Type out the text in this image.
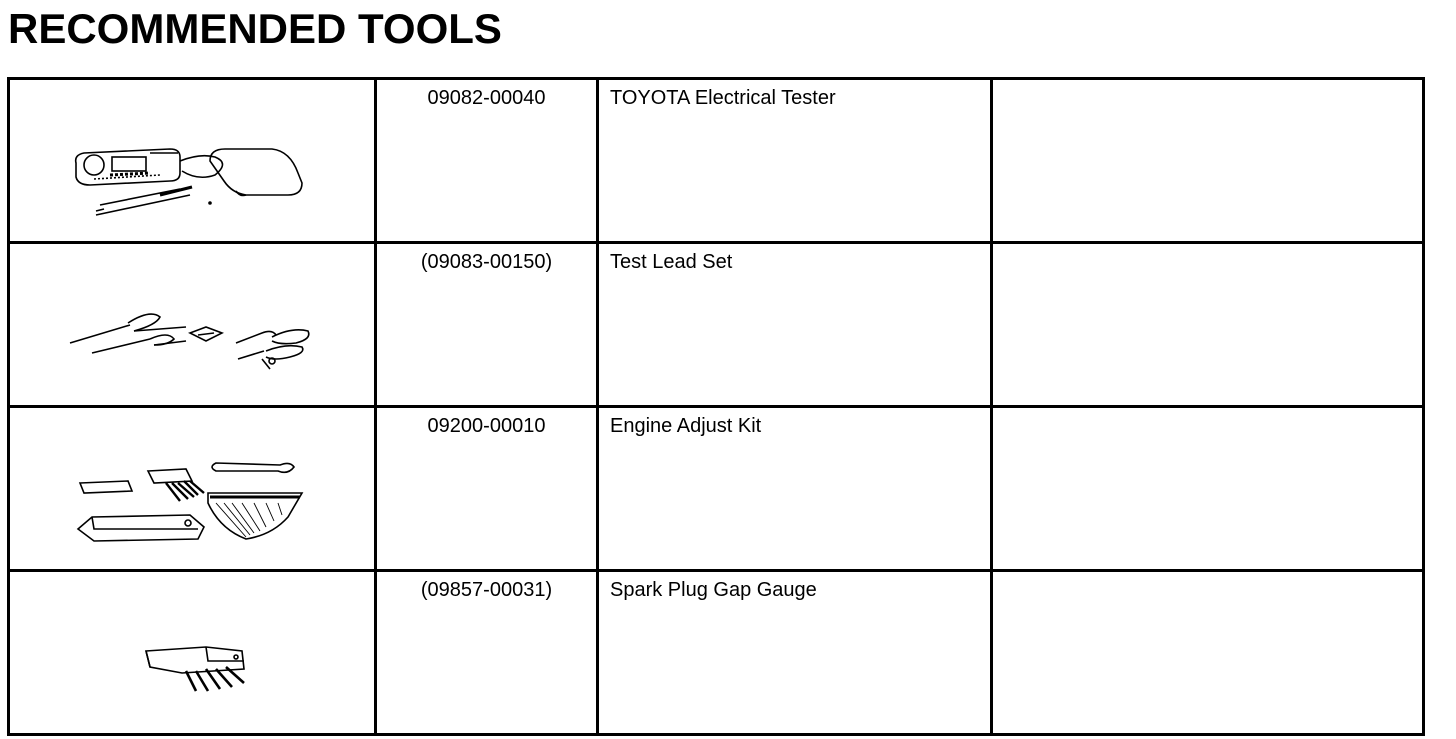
RECOMMENDED TOOLS
	09082-00040	TOYOTA Electrical Tester	

	(09083-00150)	Test Lead Set	

	09200-00010	Engine Adjust Kit	

	(09857-00031)	Spark Plug Gap Gauge	
